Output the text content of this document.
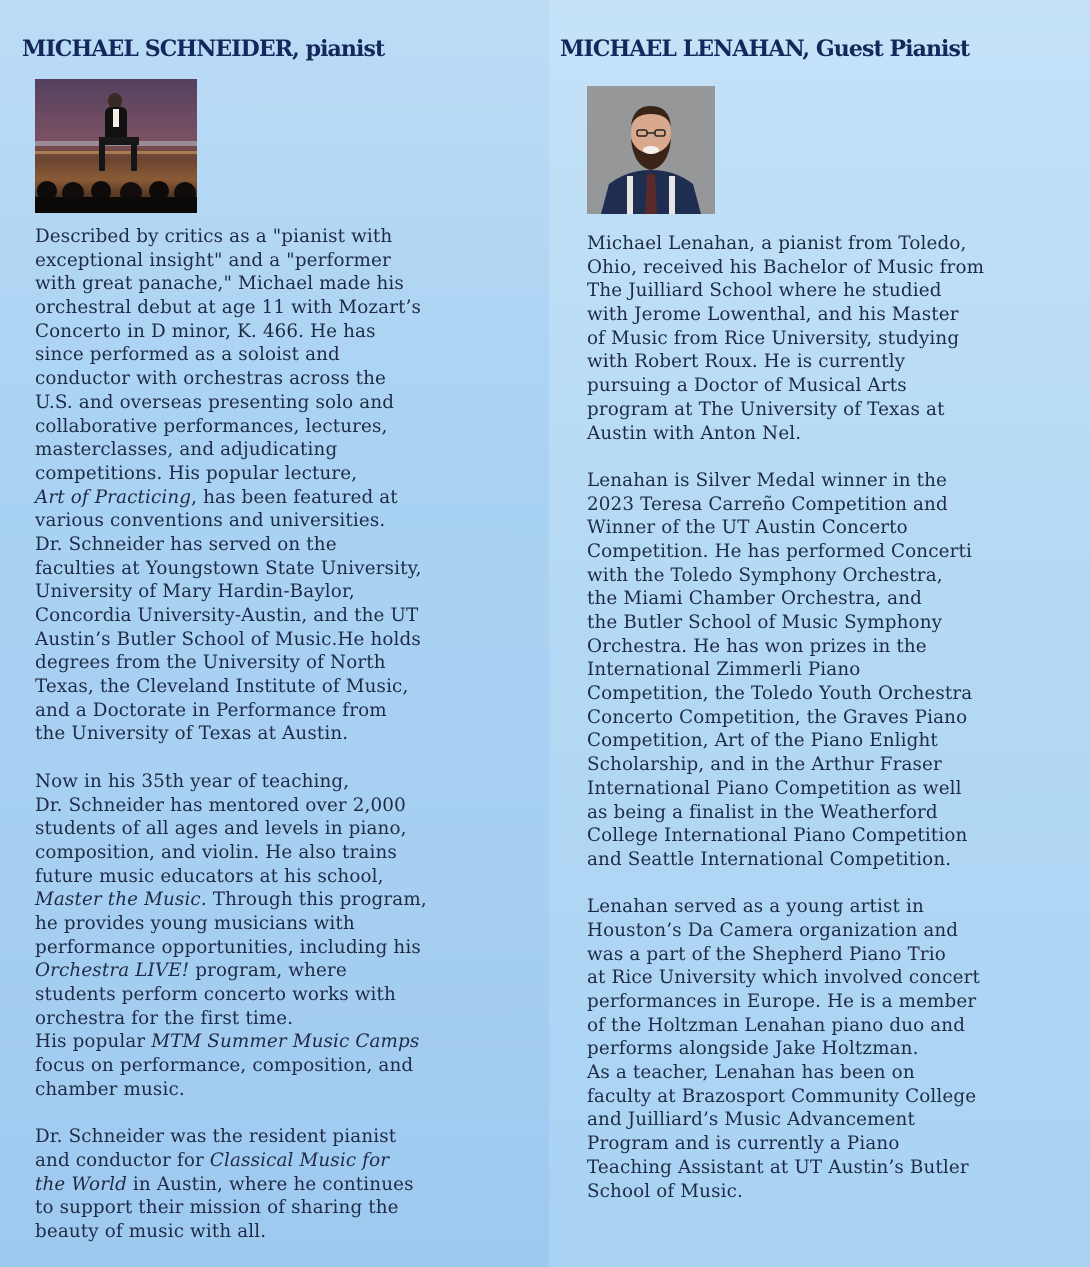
MICHAEL SCHNEIDER, pianist

Described by critics as a "pianist with
exceptional insight" and a "performer
with great panache," Michael made his
orchestral debut at age 11 with Mozart’s
Concerto in D minor, K. 466. He has
since performed as a soloist and
conductor with orchestras across the
U.S. and overseas presenting solo and
collaborative performances, lectures,
masterclasses, and adjudicating
competitions. His popular lecture,
Art of Practicing, has been featured at
various conventions and universities.
Dr. Schneider has served on the
faculties at Youngstown State University,
University of Mary Hardin-Baylor,
Concordia University-Austin, and the UT
Austin’s Butler School of Music.He holds
degrees from the University of North
Texas, the Cleveland Institute of Music,
and a Doctorate in Performance from
the University of Texas at Austin.

Now in his 35th year of teaching,
Dr. Schneider has mentored over 2,000
students of all ages and levels in piano,
composition, and violin. He also trains
future music educators at his school,
Master the Music. Through this program,
he provides young musicians with
performance opportunities, including his
Orchestra LIVE! program, where
students perform concerto works with
orchestra for the first time.
His popular MTM Summer Music Camps
focus on performance, composition, and
chamber music.

Dr. Schneider was the resident pianist
and conductor for Classical Music for
the World in Austin, where he continues
to support their mission of sharing the
beauty of music with all.

MICHAEL LENAHAN, Guest Pianist

Michael Lenahan, a pianist from Toledo,
Ohio, received his Bachelor of Music from
The Juilliard School where he studied
with Jerome Lowenthal, and his Master
of Music from Rice University, studying
with Robert Roux. He is currently
pursuing a Doctor of Musical Arts
program at The University of Texas at
Austin with Anton Nel.

Lenahan is Silver Medal winner in the
2023 Teresa Carreño Competition and
Winner of the UT Austin Concerto
Competition. He has performed Concerti
with the Toledo Symphony Orchestra,
the Miami Chamber Orchestra, and
the Butler School of Music Symphony
Orchestra. He has won prizes in the
International Zimmerli Piano
Competition, the Toledo Youth Orchestra
Concerto Competition, the Graves Piano
Competition, Art of the Piano Enlight
Scholarship, and in the Arthur Fraser
International Piano Competition as well
as being a finalist in the Weatherford
College International Piano Competition
and Seattle International Competition.

Lenahan served as a young artist in
Houston’s Da Camera organization and
was a part of the Shepherd Piano Trio
at Rice University which involved concert
performances in Europe. He is a member
of the Holtzman Lenahan piano duo and
performs alongside Jake Holtzman.
As a teacher, Lenahan has been on
faculty at Brazosport Community College
and Juilliard’s Music Advancement
Program and is currently a Piano
Teaching Assistant at UT Austin’s Butler
School of Music.
